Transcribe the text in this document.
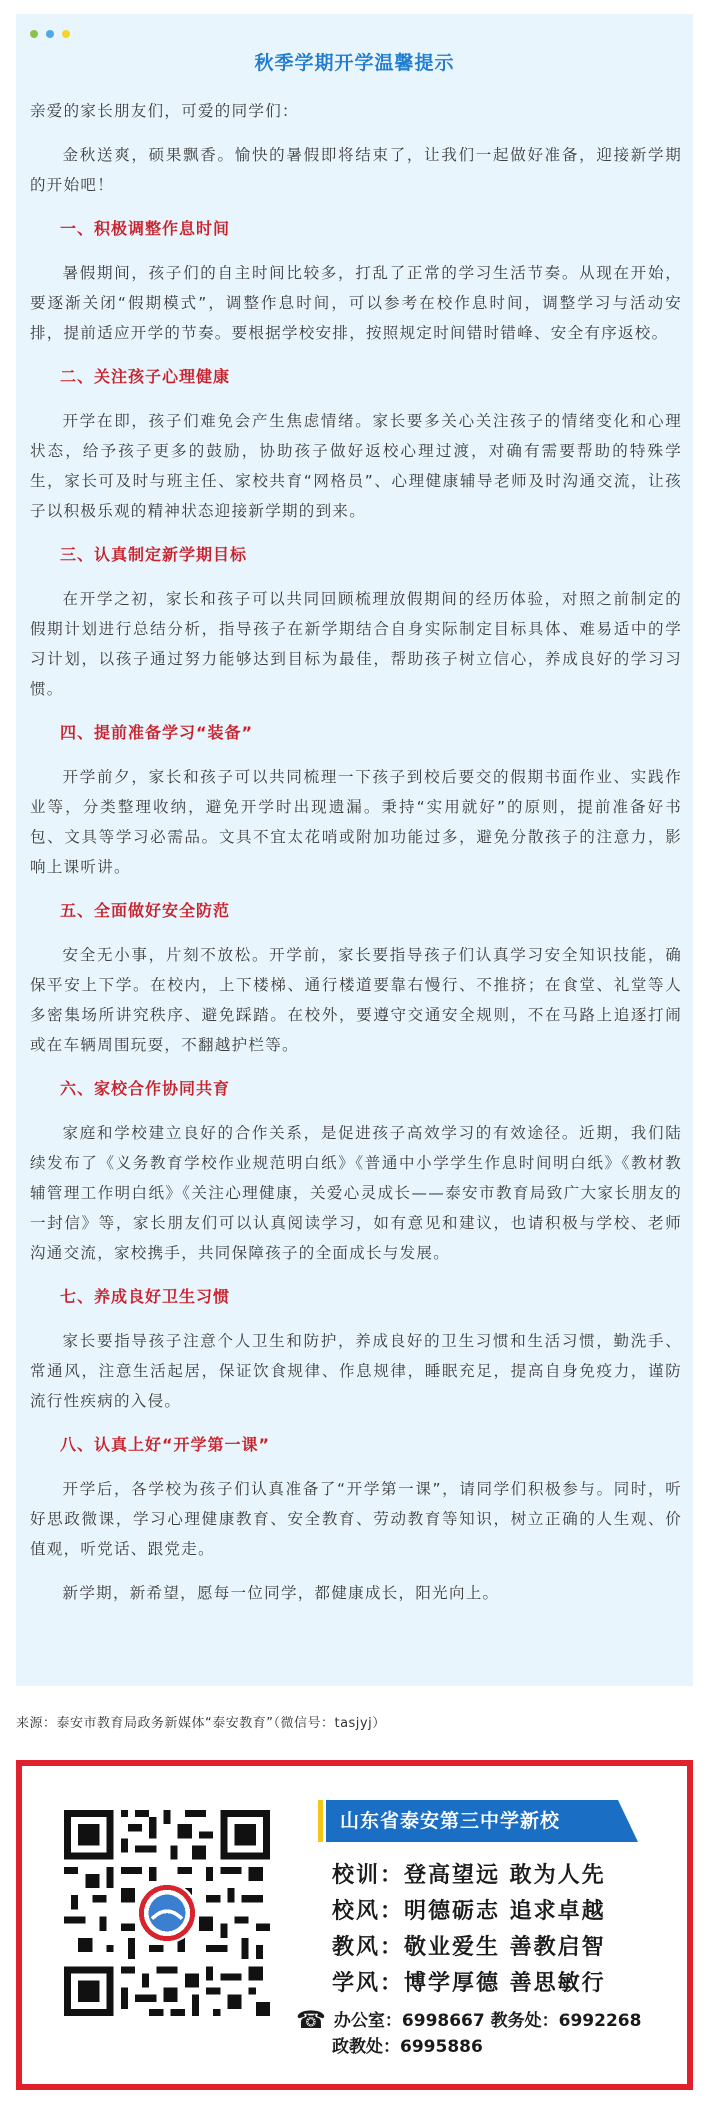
秋季学期开学温馨提示

亲爱的家长朋友们，可爱的同学们：

金秋送爽，硕果飘香。愉快的暑假即将结束了，让我们一起做好准备，迎接新学期的开始吧！

一、积极调整作息时间

暑假期间，孩子们的自主时间比较多，打乱了正常的学习生活节奏。从现在开始，要逐渐关闭“假期模式”，调整作息时间，可以参考在校作息时间，调整学习与活动安排，提前适应开学的节奏。要根据学校安排，按照规定时间错时错峰、安全有序返校。

二、关注孩子心理健康

开学在即，孩子们难免会产生焦虑情绪。家长要多关心关注孩子的情绪变化和心理状态，给予孩子更多的鼓励，协助孩子做好返校心理过渡，对确有需要帮助的特殊学生，家长可及时与班主任、家校共育“网格员”、心理健康辅导老师及时沟通交流，让孩子以积极乐观的精神状态迎接新学期的到来。

三、认真制定新学期目标

在开学之初，家长和孩子可以共同回顾梳理放假期间的经历体验，对照之前制定的假期计划进行总结分析，指导孩子在新学期结合自身实际制定目标具体、难易适中的学习计划，以孩子通过努力能够达到目标为最佳，帮助孩子树立信心，养成良好的学习习惯。

四、提前准备学习“装备”

开学前夕，家长和孩子可以共同梳理一下孩子到校后要交的假期书面作业、实践作业等，分类整理收纳，避免开学时出现遗漏。秉持“实用就好”的原则，提前准备好书包、文具等学习必需品。文具不宜太花哨或附加功能过多，避免分散孩子的注意力，影响上课听讲。

五、全面做好安全防范

安全无小事，片刻不放松。开学前，家长要指导孩子们认真学习安全知识技能，确保平安上下学。在校内，上下楼梯、通行楼道要靠右慢行、不推挤；在食堂、礼堂等人多密集场所讲究秩序、避免踩踏。在校外，要遵守交通安全规则，不在马路上追逐打闹或在车辆周围玩耍，不翻越护栏等。

六、家校合作协同共育

家庭和学校建立良好的合作关系，是促进孩子高效学习的有效途径。近期，我们陆续发布了《义务教育学校作业规范明白纸》《普通中小学学生作息时间明白纸》《教材教辅管理工作明白纸》《关注心理健康，关爱心灵成长——泰安市教育局致广大家长朋友的一封信》等，家长朋友们可以认真阅读学习，如有意见和建议，也请积极与学校、老师沟通交流，家校携手，共同保障孩子的全面成长与发展。

七、养成良好卫生习惯

家长要指导孩子注意个人卫生和防护，养成良好的卫生习惯和生活习惯，勤洗手、常通风，注意生活起居，保证饮食规律、作息规律，睡眠充足，提高自身免疫力，谨防流行性疾病的入侵。

八、认真上好“开学第一课”

开学后，各学校为孩子们认真准备了“开学第一课”，请同学们积极参与。同时，听好思政微课，学习心理健康教育、安全教育、劳动教育等知识，树立正确的人生观、价值观，听党话、跟党走。

新学期，新希望，愿每一位同学，都健康成长，阳光向上。

来源：泰安市教育局政务新媒体“泰安教育”（微信号：tasjyj）
山东省泰安第三中学新校
校训：登高望远 敢为人先
校风：明德砺志 追求卓越
教风：敬业爱生 善教启智
学风：博学厚德 善思敏行
☎ 办公室：6998667 教务处：6992268
政教处：6995886
